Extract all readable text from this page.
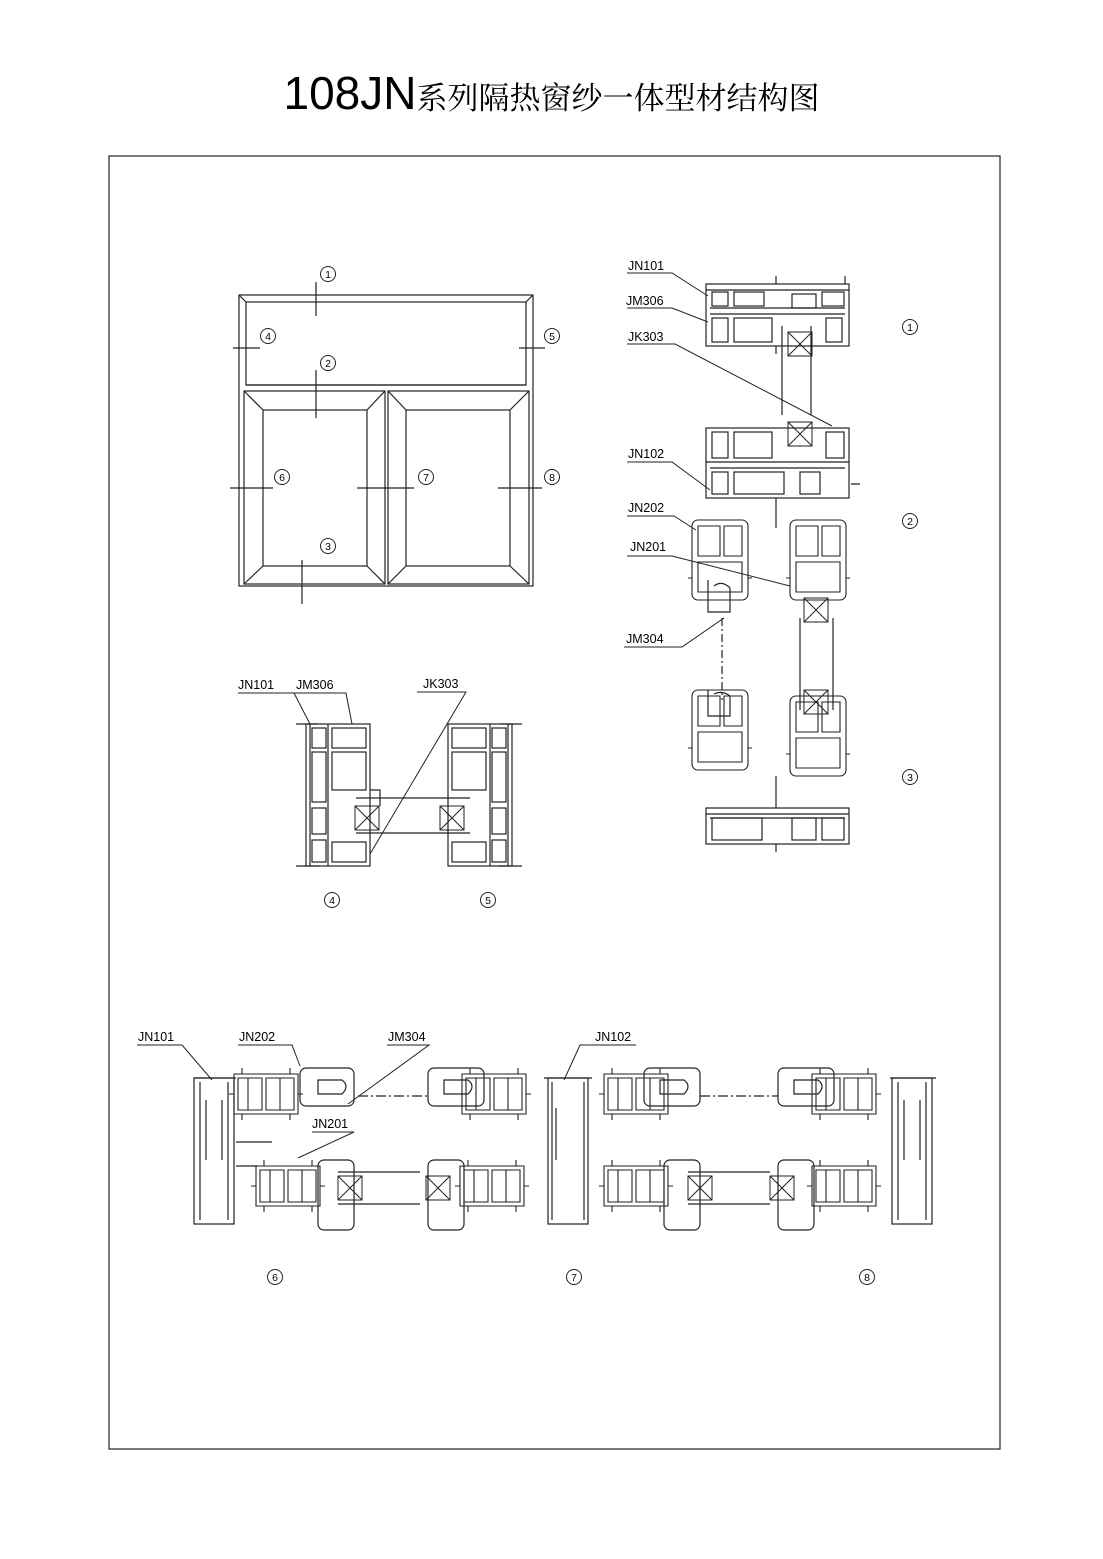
108JN系列隔热窗纱一体型材结构图
1
2
3
4	5
6	7	8
1
2
3
4	5
6	7	8
JN101
JM306
JK303
JN102
JN202
JN201
JM304
JN101 JM306	JK303
JN101	JN202	JM304
JN201
JN102
